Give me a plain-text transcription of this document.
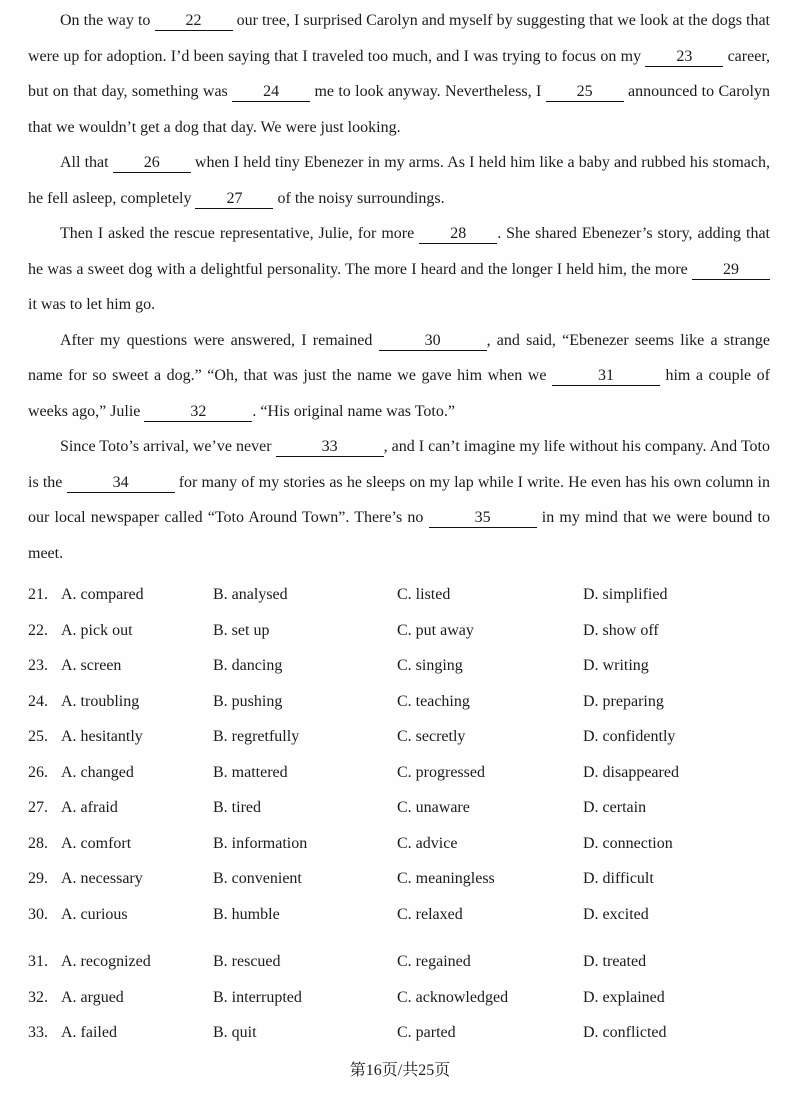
On the way to 22 our tree, I surprised Carolyn and myself by suggesting that we look at the dogs that were up for adoption. I’d been saying that I traveled too much, and I was trying to focus on my 23 career, but on that day, something was 24 me to look anyway. Nevertheless, I 25 announced to Carolyn that we wouldn’t get a dog that day. We were just looking.

All that 26 when I held tiny Ebenezer in my arms. As I held him like a baby and rubbed his stomach, he fell asleep, completely 27 of the noisy surroundings.

Then I asked the rescue representative, Julie, for more 28 . She shared Ebenezer’s story, adding that he was a sweet dog with a delightful personality. The more I heard and the longer I held him, the more 29 it was to let him go.

After my questions were answered, I remained	30	, and said, “Ebenezer seems like a strange name for so sweet a dog.” “Oh, that was just the name we gave him when we	31	him a couple of weeks ago,” Julie	32	. “His original name was Toto.”

Since Toto’s arrival, we’ve never	33	, and I can’t imagine my life without his company. And Toto is the	34	for many of my stories as he sleeps on my lap while I write. He even has his own column in our local newspaper called “Toto Around Town”. There’s no	35	in my mind that we were bound to meet.

21. A. compared	B. analysed	C. listed	D. simplified
22. A. pick out	B. set up	C. put away	D. show off
23. A. screen	B. dancing	C. singing	D. writing
24. A. troubling	B. pushing	C. teaching	D. preparing
25. A. hesitantly	B. regretfully	C. secretly	D. confidently
26. A. changed	B. mattered	C. progressed	D. disappeared
27. A. afraid	B. tired	C. unaware	D. certain
28. A. comfort	B. information	C. advice	D. connection
29. A. necessary	B. convenient	C. meaningless	D. difficult
30. A. curious	B. humble	C. relaxed	D. excited
31. A. recognized	B. rescued	C. regained	D. treated
32. A. argued	B. interrupted	C. acknowledged	D. explained
33. A. failed	B. quit	C. parted	D. conflicted
第16页/共25页
